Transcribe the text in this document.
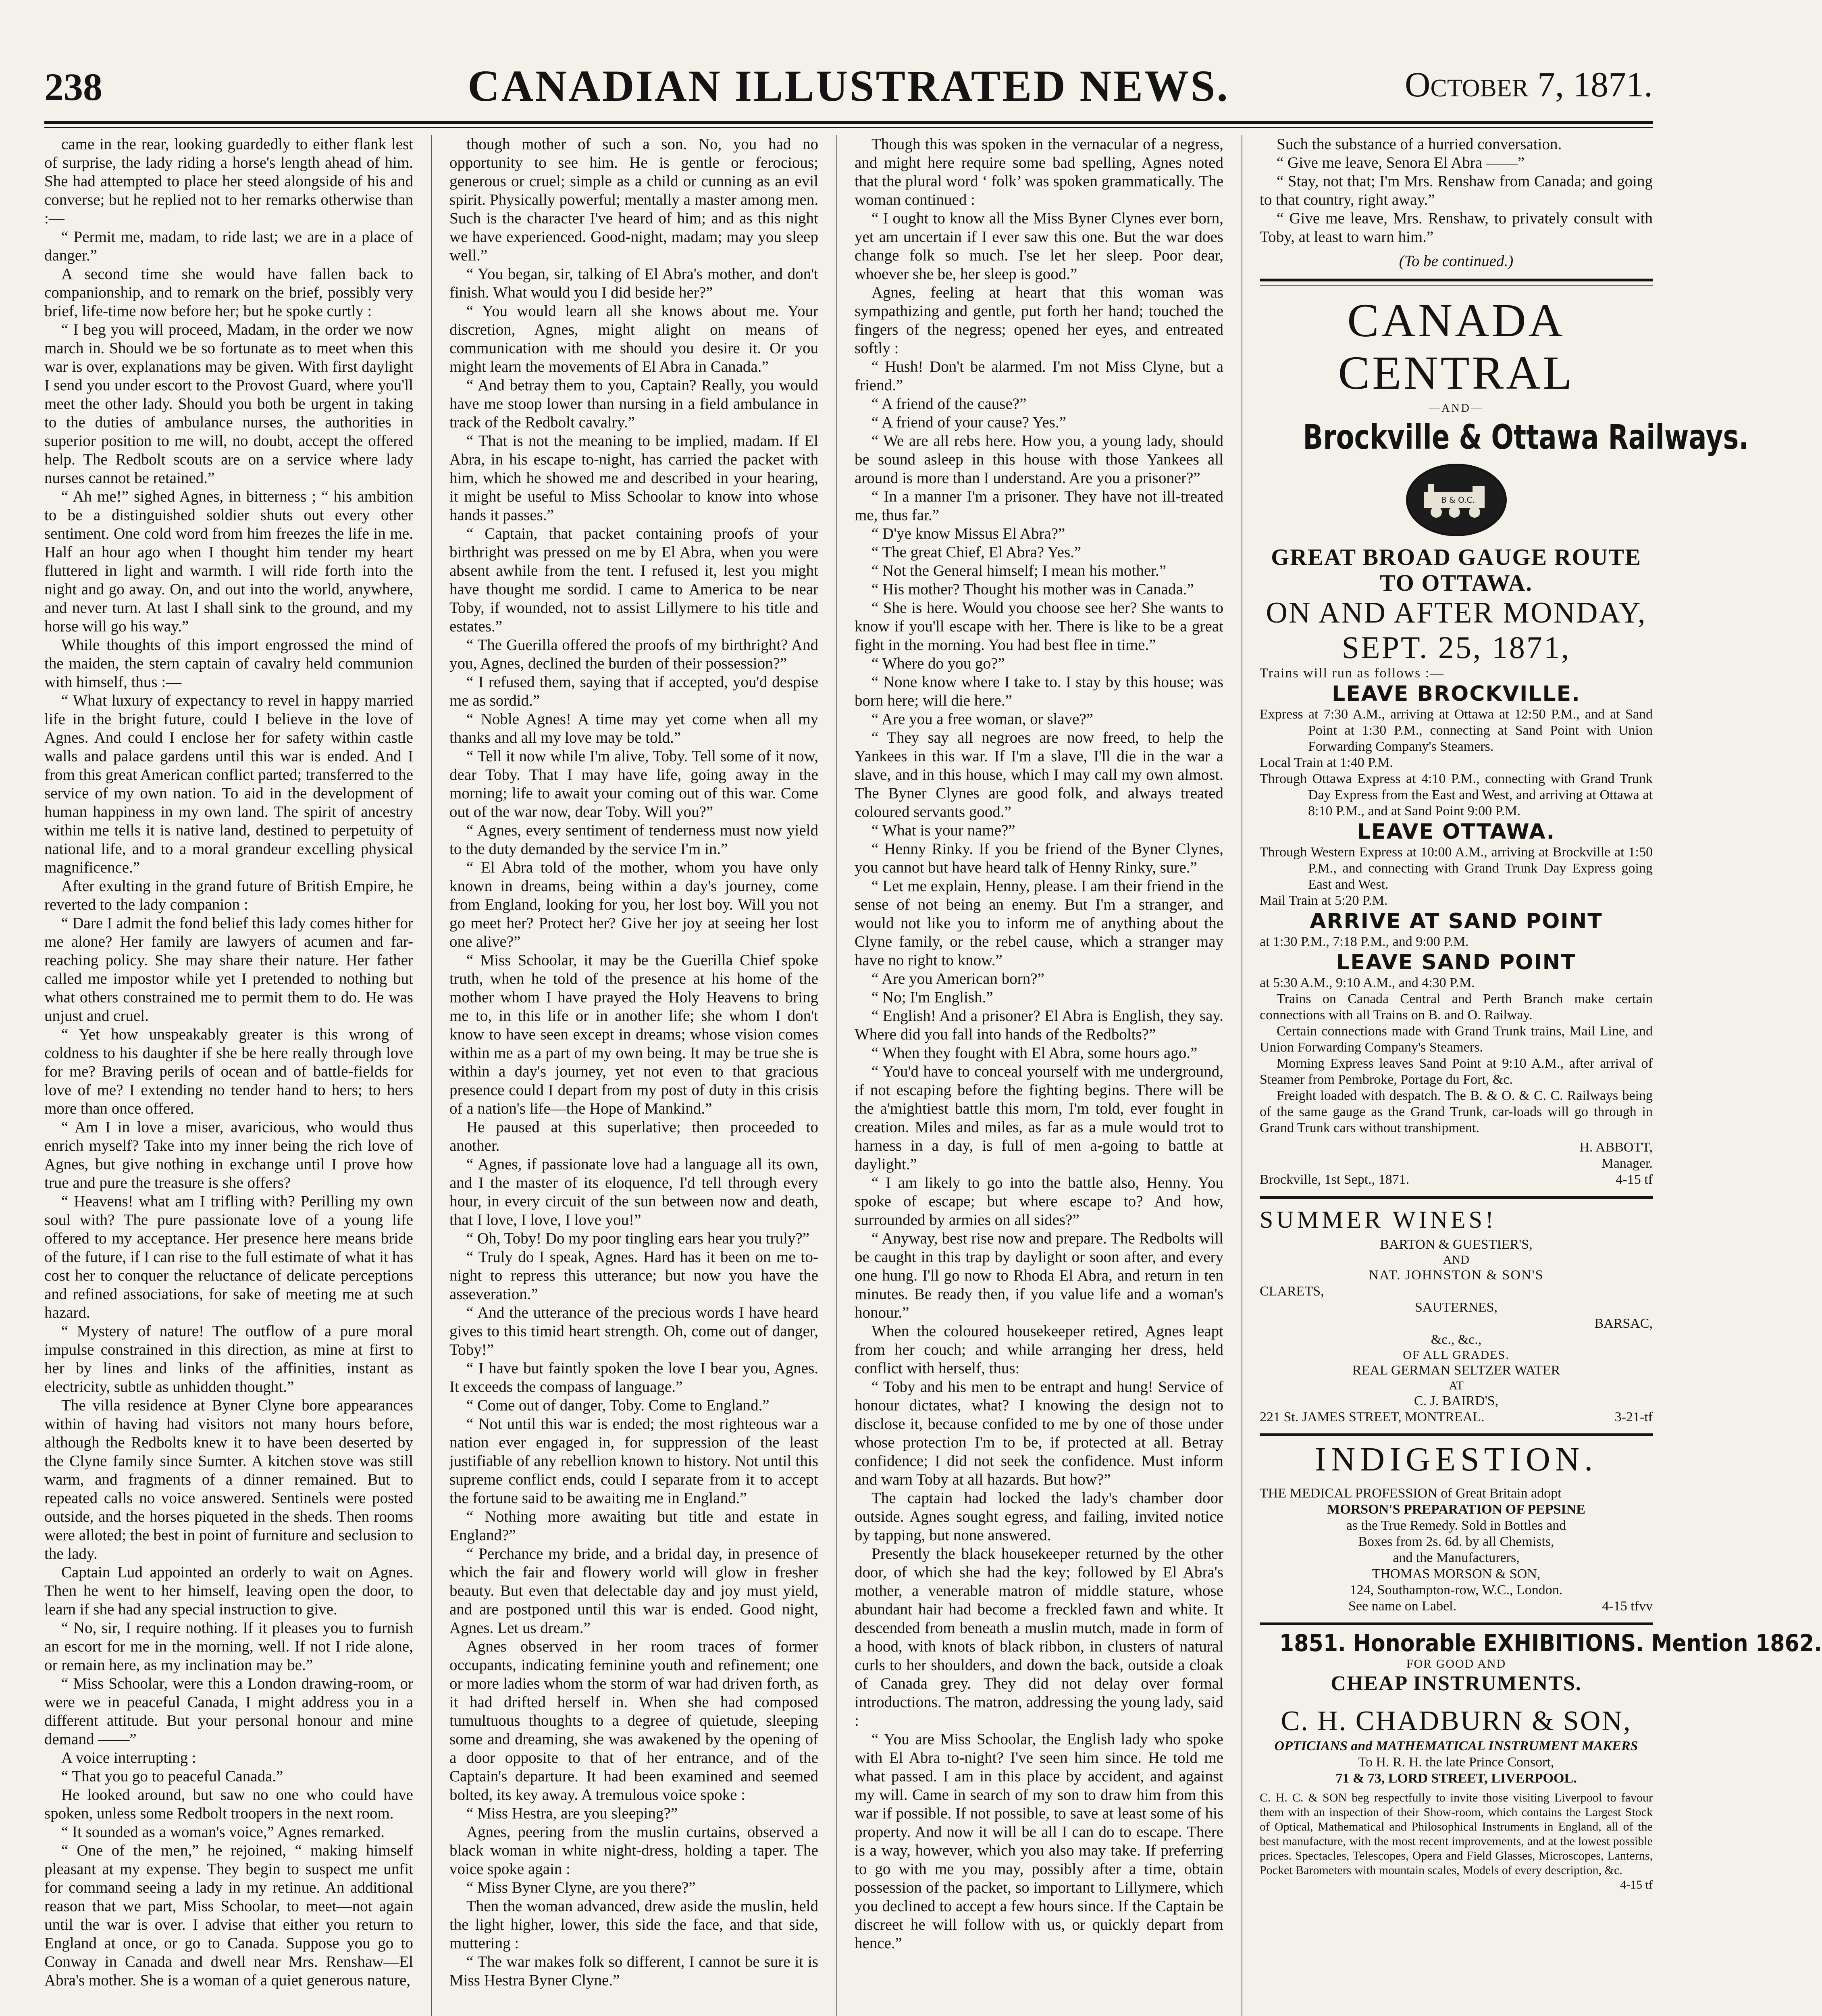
238	CANADIAN ILLUSTRATED NEWS.	October 7, 1871.

came in the rear, looking guardedly to either flank lest of surprise, the lady riding a horse's length ahead of him. She had attempted to place her steed alongside of his and converse; but he replied not to her remarks otherwise than :—

“ Permit me, madam, to ride last; we are in a place of danger.”

A second time she would have fallen back to companionship, and to remark on the brief, possibly very brief, life-time now before her; but he spoke curtly :

“ I beg you will proceed, Madam, in the order we now march in. Should we be so fortunate as to meet when this war is over, explanations may be given. With first daylight I send you under escort to the Provost Guard, where you'll meet the other lady. Should you both be urgent in taking to the duties of ambulance nurses, the authorities in superior position to me will, no doubt, accept the offered help. The Redbolt scouts are on a service where lady nurses cannot be retained.”

“ Ah me!” sighed Agnes, in bitterness ; “ his ambition to be a distinguished soldier shuts out every other sentiment. One cold word from him freezes the life in me. Half an hour ago when I thought him tender my heart fluttered in light and warmth. I will ride forth into the night and go away. On, and out into the world, anywhere, and never turn. At last I shall sink to the ground, and my horse will go his way.”

While thoughts of this import engrossed the mind of the maiden, the stern captain of cavalry held communion with himself, thus :—

“ What luxury of expectancy to revel in happy married life in the bright future, could I believe in the love of Agnes. And could I enclose her for safety within castle walls and palace gardens until this war is ended. And I from this great American conflict parted; transferred to the service of my own nation. To aid in the development of human happiness in my own land. The spirit of ancestry within me tells it is native land, destined to perpetuity of national life, and to a moral grandeur excelling physical magnificence.”

After exulting in the grand future of British Empire, he reverted to the lady companion :

“ Dare I admit the fond belief this lady comes hither for me alone? Her family are lawyers of acumen and far-reaching policy. She may share their nature. Her father called me impostor while yet I pretended to nothing but what others constrained me to permit them to do. He was unjust and cruel.

“ Yet how unspeakably greater is this wrong of coldness to his daughter if she be here really through love for me? Braving perils of ocean and of battle-fields for love of me? I extending no tender hand to hers; to hers more than once offered.

“ Am I in love a miser, avaricious, who would thus enrich myself? Take into my inner being the rich love of Agnes, but give nothing in exchange until I prove how true and pure the treasure is she offers?

“ Heavens! what am I trifling with? Perilling my own soul with? The pure passionate love of a young life offered to my acceptance. Her presence here means bride of the future, if I can rise to the full estimate of what it has cost her to conquer the reluctance of delicate perceptions and refined associations, for sake of meeting me at such hazard.

“ Mystery of nature! The outflow of a pure moral impulse constrained in this direction, as mine at first to her by lines and links of the affinities, instant as electricity, subtle as unhidden thought.”

The villa residence at Byner Clyne bore appearances within of having had visitors not many hours before, although the Redbolts knew it to have been deserted by the Clyne family since Sumter. A kitchen stove was still warm, and fragments of a dinner remained. But to repeated calls no voice answered. Sentinels were posted outside, and the horses piqueted in the sheds. Then rooms were alloted; the best in point of furniture and seclusion to the lady.

Captain Lud appointed an orderly to wait on Agnes. Then he went to her himself, leaving open the door, to learn if she had any special instruction to give.

“ No, sir, I require nothing. If it pleases you to furnish an escort for me in the morning, well. If not I ride alone, or remain here, as my inclination may be.”

“ Miss Schoolar, were this a London drawing-room, or were we in peaceful Canada, I might address you in a different attitude. But your personal honour and mine demand ——”

A voice interrupting :

“ That you go to peaceful Canada.”

He looked around, but saw no one who could have spoken, unless some Redbolt troopers in the next room.

“ It sounded as a woman's voice,” Agnes remarked.

“ One of the men,” he rejoined, “ making himself pleasant at my expense. They begin to suspect me unfit for command seeing a lady in my retinue. An additional reason that we part, Miss Schoolar, to meet—not again until the war is over. I advise that either you return to England at once, or go to Canada. Suppose you go to Conway in Canada and dwell near Mrs. Renshaw—El Abra's mother. She is a woman of a quiet generous nature,

though mother of such a son. No, you had no opportunity to see him. He is gentle or ferocious; generous or cruel; simple as a child or cunning as an evil spirit. Physically powerful; mentally a master among men. Such is the character I've heard of him; and as this night we have experienced. Good-night, madam; may you sleep well.”

“ You began, sir, talking of El Abra's mother, and don't finish. What would you I did beside her?”

“ You would learn all she knows about me. Your discretion, Agnes, might alight on means of communication with me should you desire it. Or you might learn the movements of El Abra in Canada.”

“ And betray them to you, Captain? Really, you would have me stoop lower than nursing in a field ambulance in track of the Redbolt cavalry.”

“ That is not the meaning to be implied, madam. If El Abra, in his escape to-night, has carried the packet with him, which he showed me and described in your hearing, it might be useful to Miss Schoolar to know into whose hands it passes.”

“ Captain, that packet containing proofs of your birthright was pressed on me by El Abra, when you were absent awhile from the tent. I refused it, lest you might have thought me sordid. I came to America to be near Toby, if wounded, not to assist Lillymere to his title and estates.”

“ The Guerilla offered the proofs of my birthright? And you, Agnes, declined the burden of their possession?”

“ I refused them, saying that if accepted, you'd despise me as sordid.”

“ Noble Agnes! A time may yet come when all my thanks and all my love may be told.”

“ Tell it now while I'm alive, Toby. Tell some of it now, dear Toby. That I may have life, going away in the morning; life to await your coming out of this war. Come out of the war now, dear Toby. Will you?”

“ Agnes, every sentiment of tenderness must now yield to the duty demanded by the service I'm in.”

“ El Abra told of the mother, whom you have only known in dreams, being within a day's journey, come from England, looking for you, her lost boy. Will you not go meet her? Protect her? Give her joy at seeing her lost one alive?”

“ Miss Schoolar, it may be the Guerilla Chief spoke truth, when he told of the presence at his home of the mother whom I have prayed the Holy Heavens to bring me to, in this life or in another life; she whom I don't know to have seen except in dreams; whose vision comes within me as a part of my own being. It may be true she is within a day's journey, yet not even to that gracious presence could I depart from my post of duty in this crisis of a nation's life—the Hope of Mankind.”

He paused at this superlative; then proceeded to another.

“ Agnes, if passionate love had a language all its own, and I the master of its eloquence, I'd tell through every hour, in every circuit of the sun between now and death, that I love, I love, I love you!”

“ Oh, Toby! Do my poor tingling ears hear you truly?”

“ Truly do I speak, Agnes. Hard has it been on me to-night to repress this utterance; but now you have the asseveration.”

“ And the utterance of the precious words I have heard gives to this timid heart strength. Oh, come out of danger, Toby!”

“ I have but faintly spoken the love I bear you, Agnes. It exceeds the compass of language.”

“ Come out of danger, Toby. Come to England.”

“ Not until this war is ended; the most righteous war a nation ever engaged in, for suppression of the least justifiable of any rebellion known to history. Not until this supreme conflict ends, could I separate from it to accept the fortune said to be awaiting me in England.”

“ Nothing more awaiting but title and estate in England?”

“ Perchance my bride, and a bridal day, in presence of which the fair and flowery world will glow in fresher beauty. But even that delectable day and joy must yield, and are postponed until this war is ended. Good night, Agnes. Let us dream.”

Agnes observed in her room traces of former occupants, indicating feminine youth and refinement; one or more ladies whom the storm of war had driven forth, as it had drifted herself in. When she had composed tumultuous thoughts to a degree of quietude, sleeping some and dreaming, she was awakened by the opening of a door opposite to that of her entrance, and of the Captain's departure. It had been examined and seemed bolted, its key away. A tremulous voice spoke :

“ Miss Hestra, are you sleeping?”

Agnes, peering from the muslin curtains, observed a black woman in white night-dress, holding a taper. The voice spoke again :

“ Miss Byner Clyne, are you there?”

Then the woman advanced, drew aside the muslin, held the light higher, lower, this side the face, and that side, muttering :

“ The war makes folk so different, I cannot be sure it is Miss Hestra Byner Clyne.”

Though this was spoken in the vernacular of a negress, and might here require some bad spelling, Agnes noted that the plural word ‘ folk’ was spoken grammatically. The woman continued :

“ I ought to know all the Miss Byner Clynes ever born, yet am uncertain if I ever saw this one. But the war does change folk so much. I'se let her sleep. Poor dear, whoever she be, her sleep is good.”

Agnes, feeling at heart that this woman was sympathizing and gentle, put forth her hand; touched the fingers of the negress; opened her eyes, and entreated softly :

“ Hush! Don't be alarmed. I'm not Miss Clyne, but a friend.”

“ A friend of the cause?”

“ A friend of your cause? Yes.”

“ We are all rebs here. How you, a young lady, should be sound asleep in this house with those Yankees all around is more than I understand. Are you a prisoner?”

“ In a manner I'm a prisoner. They have not ill-treated me, thus far.”

“ D'ye know Missus El Abra?”

“ The great Chief, El Abra? Yes.”

“ Not the General himself; I mean his mother.”

“ His mother? Thought his mother was in Canada.”

“ She is here. Would you choose see her? She wants to know if you'll escape with her. There is like to be a great fight in the morning. You had best flee in time.”

“ Where do you go?”

“ None know where I take to. I stay by this house; was born here; will die here.”

“ Are you a free woman, or slave?”

“ They say all negroes are now freed, to help the Yankees in this war. If I'm a slave, I'll die in the war a slave, and in this house, which I may call my own almost. The Byner Clynes are good folk, and always treated coloured servants good.”

“ What is your name?”

“ Henny Rinky. If you be friend of the Byner Clynes, you cannot but have heard talk of Henny Rinky, sure.”

“ Let me explain, Henny, please. I am their friend in the sense of not being an enemy. But I'm a stranger, and would not like you to inform me of anything about the Clyne family, or the rebel cause, which a stranger may have no right to know.”

“ Are you American born?”

“ No; I'm English.”

“ English! And a prisoner? El Abra is English, they say. Where did you fall into hands of the Redbolts?”

“ When they fought with El Abra, some hours ago.”

“ You'd have to conceal yourself with me underground, if not escaping before the fighting begins. There will be the a'mightiest battle this morn, I'm told, ever fought in creation. Miles and miles, as far as a mule would trot to harness in a day, is full of men a-going to battle at daylight.”

“ I am likely to go into the battle also, Henny. You spoke of escape; but where escape to? And how, surrounded by armies on all sides?”

“ Anyway, best rise now and prepare. The Redbolts will be caught in this trap by daylight or soon after, and every one hung. I'll go now to Rhoda El Abra, and return in ten minutes. Be ready then, if you value life and a woman's honour.”

When the coloured housekeeper retired, Agnes leapt from her couch; and while arranging her dress, held conflict with herself, thus:

“ Toby and his men to be entrapt and hung! Service of honour dictates, what? I knowing the design not to disclose it, because confided to me by one of those under whose protection I'm to be, if protected at all. Betray confidence; I did not seek the confidence. Must inform and warn Toby at all hazards. But how?”

The captain had locked the lady's chamber door outside. Agnes sought egress, and failing, invited notice by tapping, but none answered.

Presently the black housekeeper returned by the other door, of which she had the key; followed by El Abra's mother, a venerable matron of middle stature, whose abundant hair had become a freckled fawn and white. It descended from beneath a muslin mutch, made in form of a hood, with knots of black ribbon, in clusters of natural curls to her shoulders, and down the back, outside a cloak of Canada grey. They did not delay over formal introductions. The matron, addressing the young lady, said :

“ You are Miss Schoolar, the English lady who spoke with El Abra to-night? I've seen him since. He told me what passed. I am in this place by accident, and against my will. Came in search of my son to draw him from this war if possible. If not possible, to save at least some of his property. And now it will be all I can do to escape. There is a way, however, which you also may take. If preferring to go with me you may, possibly after a time, obtain possession of the packet, so important to Lillymere, which you declined to accept a few hours since. If the Captain be discreet he will follow with us, or quickly depart from hence.”

Such the substance of a hurried conversation.

“ Give me leave, Senora El Abra ——”

“ Stay, not that; I'm Mrs. Renshaw from Canada; and going to that country, right away.”

“ Give me leave, Mrs. Renshaw, to privately consult with Toby, at least to warn him.”

(To be continued.)

CANADA CENTRAL

—AND—

Brockville & Ottawa Railways.

B & O.C.

GREAT BROAD GAUGE ROUTE TO OTTAWA.

ON AND AFTER MONDAY,

SEPT. 25, 1871,

Trains will run as follows :—

LEAVE BROCKVILLE.

Express at 7:30 A.M., arriving at Ottawa at 12:50 P.M., and at Sand Point at 1:30 P.M., connecting at Sand Point with Union Forwarding Company's Steamers.

Local Train at 1:40 P.M.

Through Ottawa Express at 4:10 P.M., connecting with Grand Trunk Day Express from the East and West, and arriving at Ottawa at 8:10 P.M., and at Sand Point 9:00 P.M.

LEAVE OTTAWA.

Through Western Express at 10:00 A.M., arriving at Brockville at 1:50 P.M., and connecting with Grand Trunk Day Express going East and West.

Mail Train at 5:20 P.M.

ARRIVE AT SAND POINT

at 1:30 P.M., 7:18 P.M., and 9:00 P.M.

LEAVE SAND POINT

at 5:30 A.M., 9:10 A.M., and 4:30 P.M.

Trains on Canada Central and Perth Branch make certain connections with all Trains on B. and O. Railway.

Certain connections made with Grand Trunk trains, Mail Line, and Union Forwarding Company's Steamers.

Morning Express leaves Sand Point at 9:10 A.M., after arrival of Steamer from Pembroke, Portage du Fort, &c.

Freight loaded with despatch. The B. & O. & C. C. Railways being of the same gauge as the Grand Trunk, car-loads will go through in Grand Trunk cars without transhipment.

H. ABBOTT,

Manager.

Brockville, 1st Sept., 1871.	4-15 tf

SUMMER WINES!

BARTON & GUESTIER'S,

AND

NAT. JOHNSTON & SON'S

CLARETS,

SAUTERNES,

BARSAC,

&c., &c.,

OF ALL GRADES.

REAL GERMAN SELTZER WATER

AT

C. J. BAIRD'S,

221 St. JAMES STREET, MONTREAL.	3-21-tf

INDIGESTION.

THE MEDICAL PROFESSION of Great Britain adopt

MORSON'S PREPARATION OF PEPSINE

as the True Remedy. Sold in Bottles and

Boxes from 2s. 6d. by all Chemists,

and the Manufacturers,

THOMAS MORSON & SON,

124, Southampton-row, W.C., London.

See name on Label.	4-15 tfvv

1851. Honorable EXHIBITIONS. Mention 1862.

FOR GOOD AND

CHEAP INSTRUMENTS.

C. H. CHADBURN & SON,

OPTICIANS and MATHEMATICAL INSTRUMENT MAKERS

To H. R. H. the late Prince Consort,

71 & 73, LORD STREET, LIVERPOOL.

C. H. C. & SON beg respectfully to invite those visiting Liverpool to favour them with an inspection of their Show-room, which contains the Largest Stock of Optical, Mathematical and Philosophical Instruments in England, all of the best manufacture, with the most recent improvements, and at the lowest possible prices. Spectacles, Telescopes, Opera and Field Glasses, Microscopes, Lanterns, Pocket Barometers with mountain scales, Models of every description, &c.

4-15 tf
